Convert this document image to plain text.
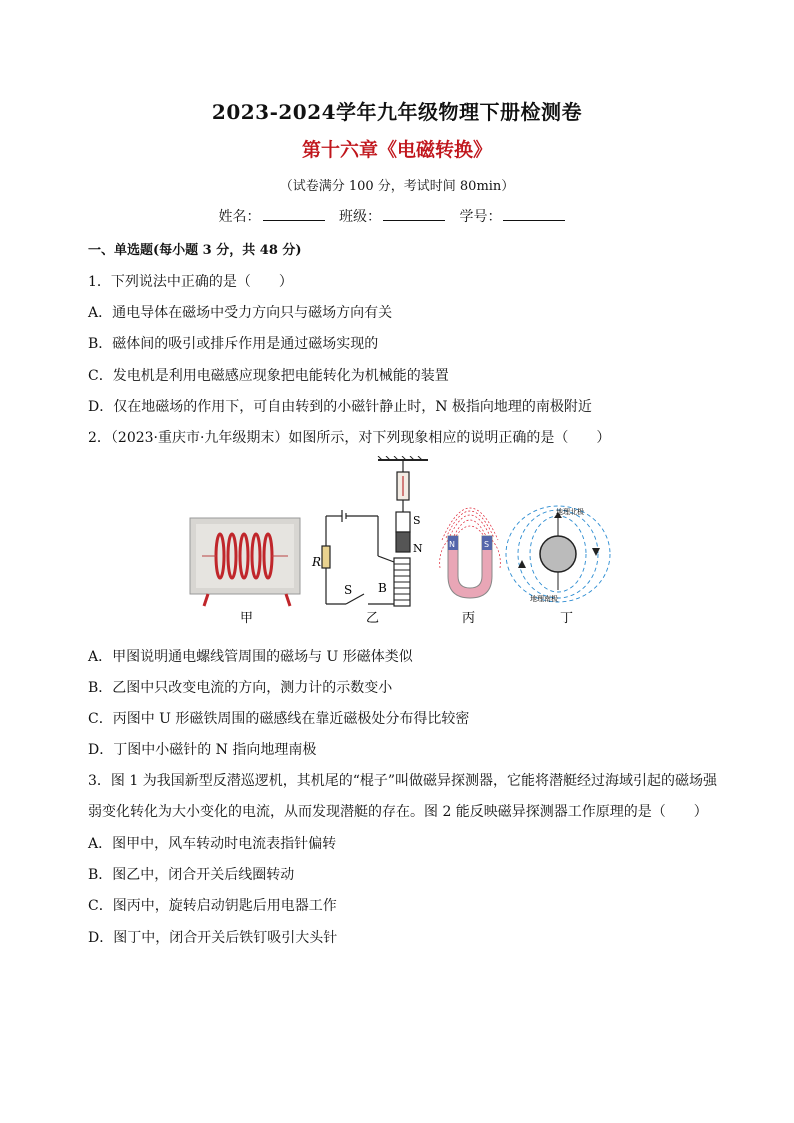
2023-2024学年九年级物理下册检测卷
第十六章《电磁转换》
（试卷满分 100 分，考试时间 80min）
姓名：	班级：	学号：
一、单选题(每小题 3 分，共 48 分)
1．下列说法中正确的是（　　）
A．通电导体在磁场中受力方向只与磁场方向有关
B．磁体间的吸引或排斥作用是通过磁场实现的
C．发电机是利用电磁感应现象把电能转化为机械能的装置
D．仅在地磁场的作用下，可自由转到的小磁针静止时，N 极指向地理的南极附近
2．（2023·重庆市·九年级期末）如图所示，对下列现象相应的说明正确的是（　　）
甲
R
S B
S
N
乙
N	S
丙
地理北极
地理南极
丁
A．甲图说明通电螺线管周围的磁场与 U 形磁体类似
B．乙图中只改变电流的方向，测力计的示数变小
C．丙图中 U 形磁铁周围的磁感线在靠近磁极处分布得比较密
D．丁图中小磁针的 N 指向地理南极
3．图 1 为我国新型反潜巡逻机，其机尾的“棍子”叫做磁异探测器，它能将潜艇经过海域引起的磁场强
弱变化转化为大小变化的电流，从而发现潜艇的存在。图 2 能反映磁异探测器工作原理的是（　　）
A．图甲中，风车转动时电流表指针偏转
B．图乙中，闭合开关后线圈转动
C．图丙中，旋转启动钥匙后用电器工作
D．图丁中，闭合开关后铁钉吸引大头针
